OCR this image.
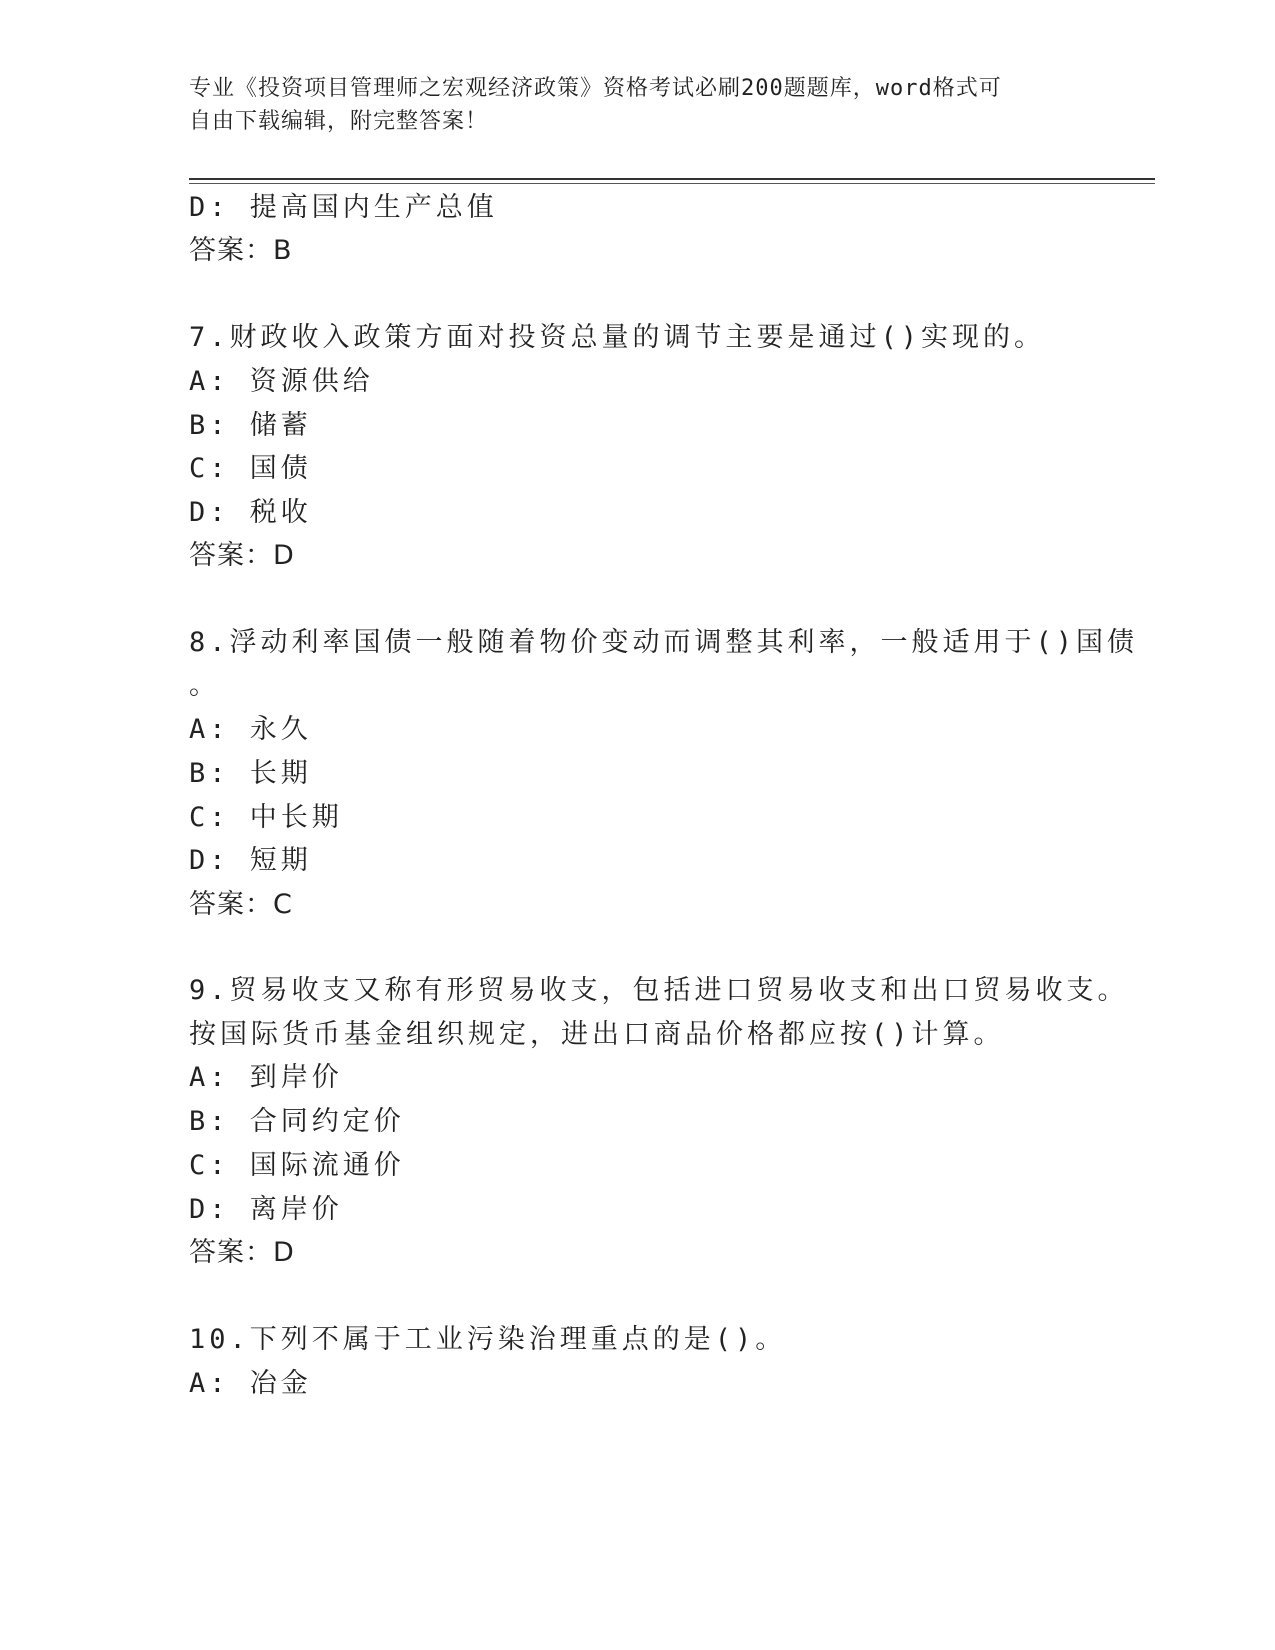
专业《投资项目管理师之宏观经济政策》资格考试必刷200题题库，word格式可
自由下载编辑，附完整答案！
D: 提高国内生产总值
答案：B
7.财政收入政策方面对投资总量的调节主要是通过()实现的。
A: 资源供给
B: 储蓄
C: 国债
D: 税收
答案：D
8.浮动利率国债一般随着物价变动而调整其利率，一般适用于()国债
。
A: 永久
B: 长期
C: 中长期
D: 短期
答案：C
9.贸易收支又称有形贸易收支，包括进口贸易收支和出口贸易收支。
按国际货币基金组织规定，进出口商品价格都应按()计算。
A: 到岸价
B: 合同约定价
C: 国际流通价
D: 离岸价
答案：D
10.下列不属于工业污染治理重点的是()。
A: 冶金
